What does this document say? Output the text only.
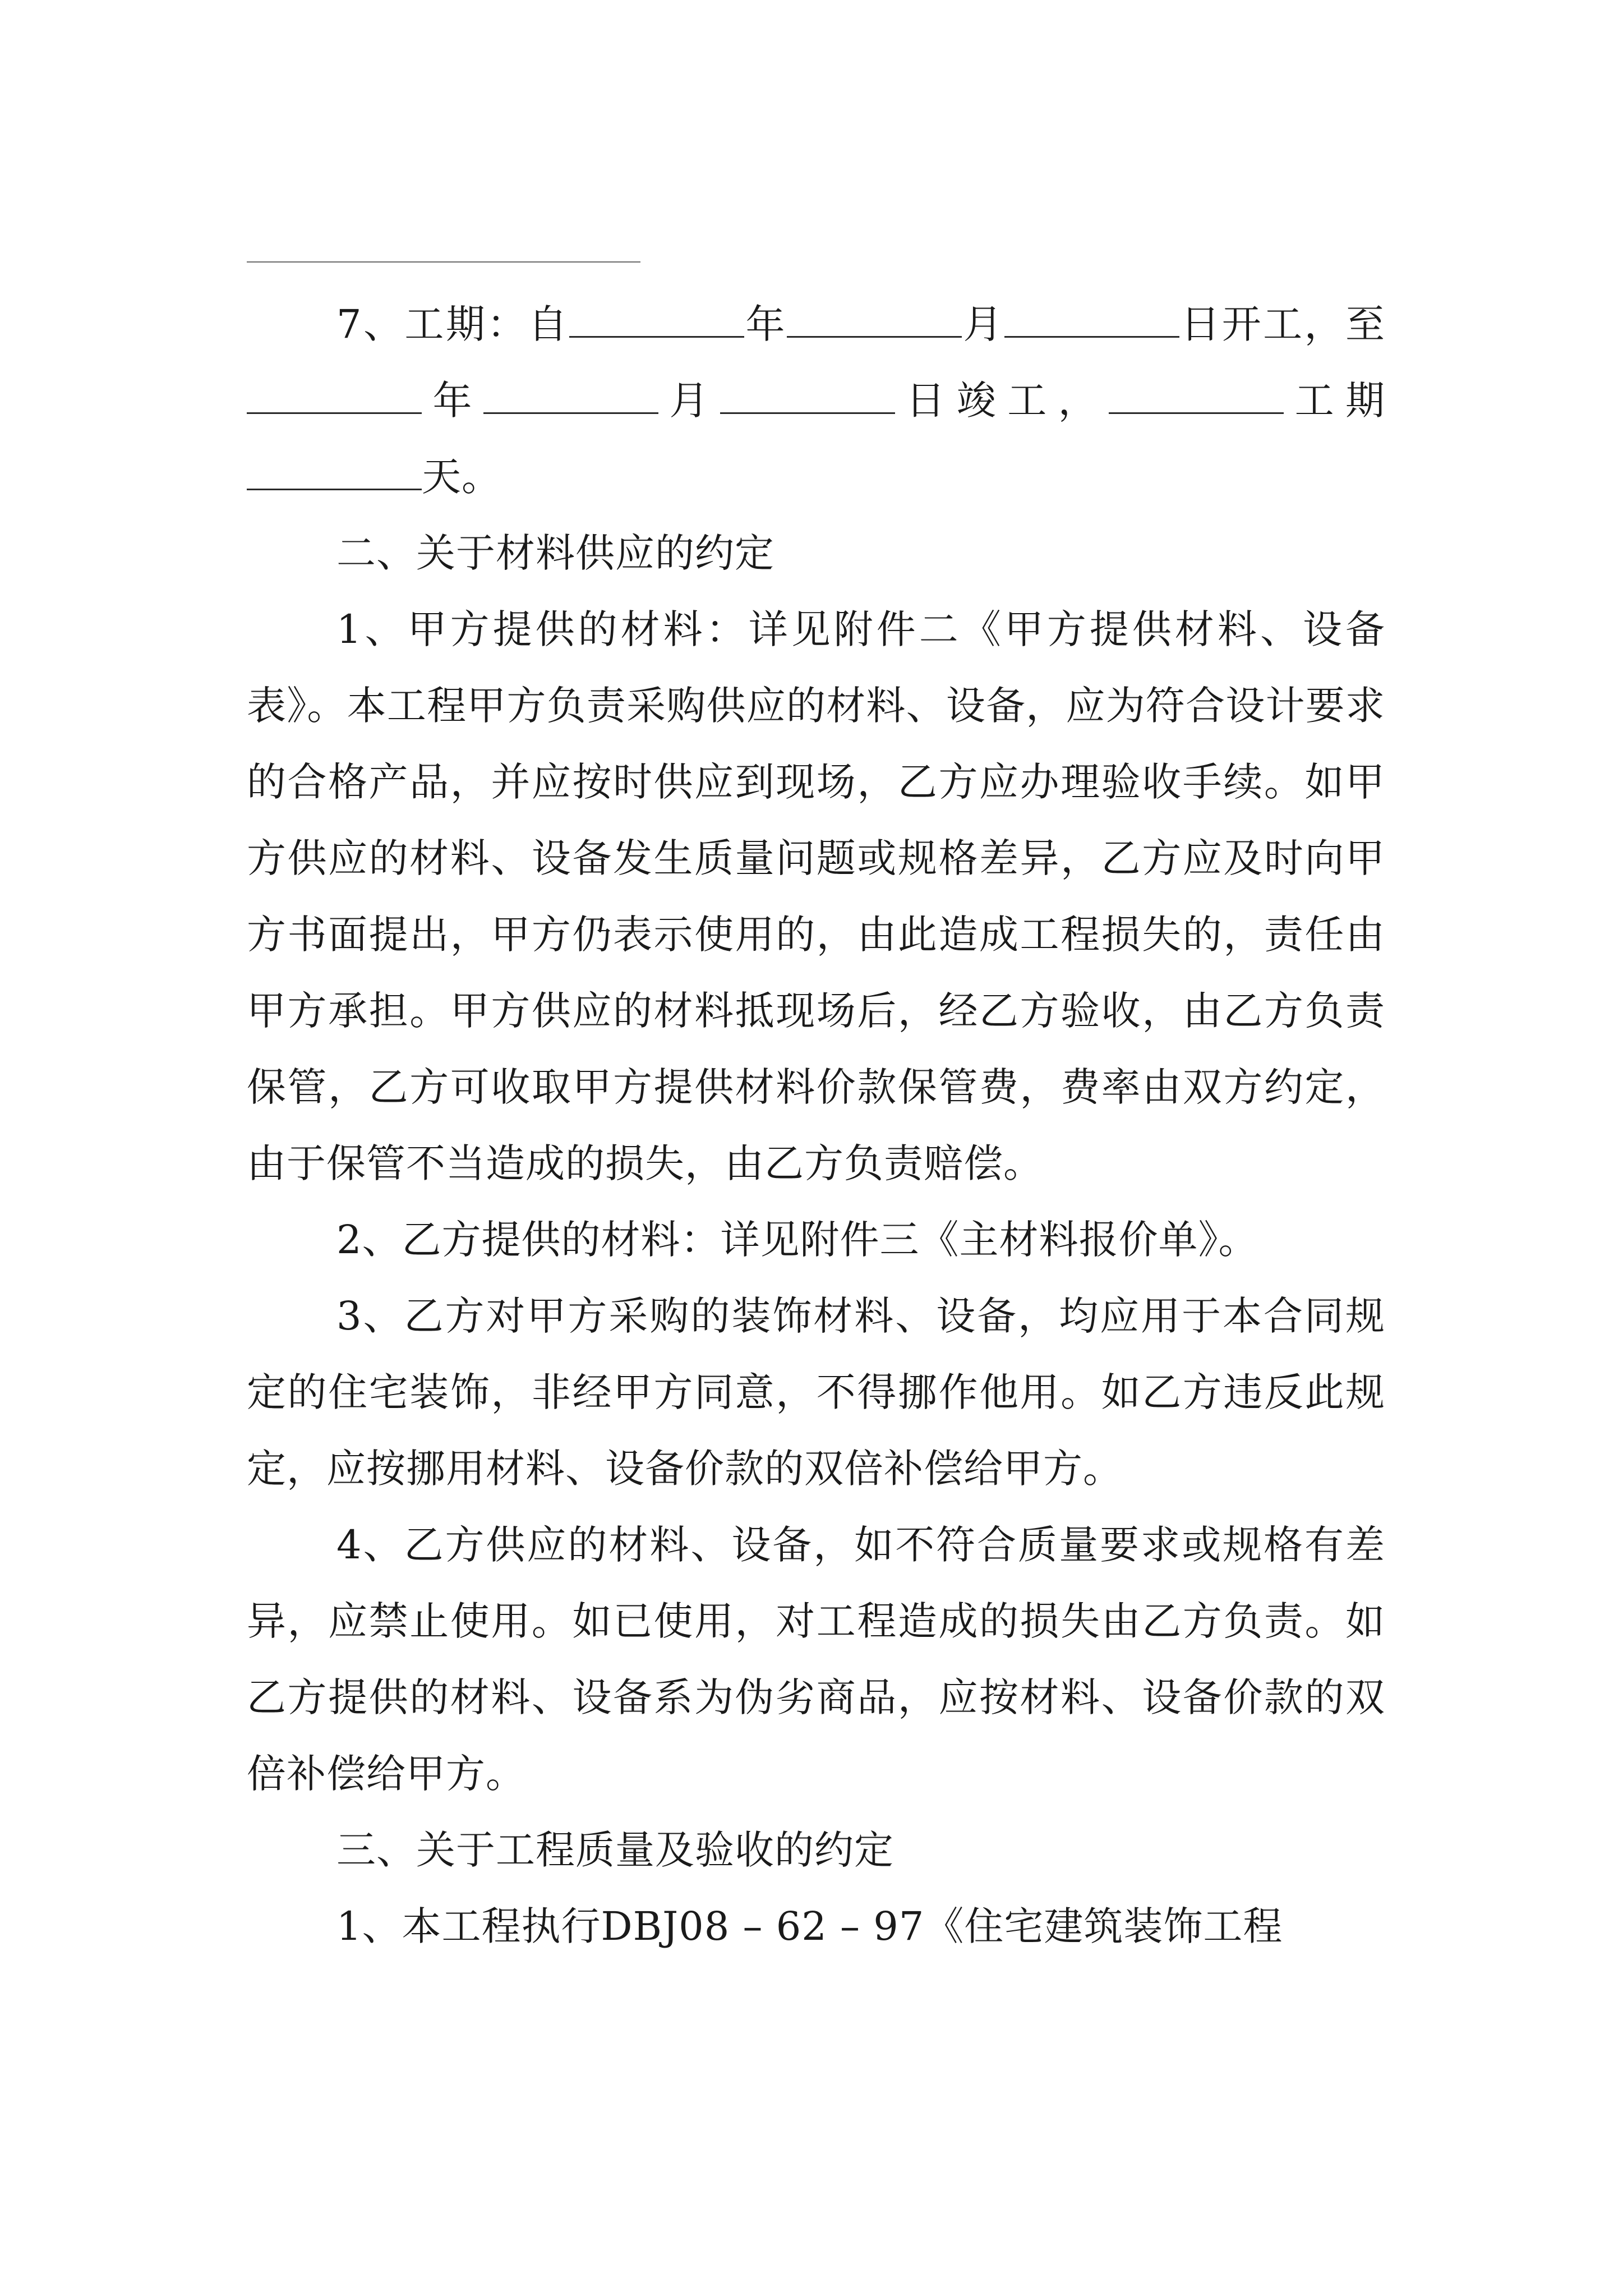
7、工期：自	年	月	日开工，至年	月	日竣工，	工期天。

二、关于材料供应的约定

1、甲方提供的材料：详见附件二《甲方提供材料、设备表》。本工程甲方负责采购供应的材料、设备，应为符合设计要求的合格产品，并应按时供应到现场，乙方应办理验收手续。如甲方供应的材料、设备发生质量问题或规格差异，乙方应及时向甲方书面提出，甲方仍表示使用的，由此造成工程损失的，责任由甲方承担。甲方供应的材料抵现场后，经乙方验收，由乙方负责保管，乙方可收取甲方提供材料价款保管费，费率由双方约定，由于保管不当造成的损失，由乙方负责赔偿。

2、乙方提供的材料：详见附件三《主材料报价单》。

3、乙方对甲方采购的装饰材料、设备，均应用于本合同规定的住宅装饰，非经甲方同意，不得挪作他用。如乙方违反此规定，应按挪用材料、设备价款的双倍补偿给甲方。

4、乙方供应的材料、设备，如不符合质量要求或规格有差异，应禁止使用。如已使用，对工程造成的损失由乙方负责。如乙方提供的材料、设备系为伪劣商品，应按材料、设备价款的双倍补偿给甲方。

三、关于工程质量及验收的约定

1、本工程执行DBJ08 – 62 – 97《住宅建筑装饰工程
